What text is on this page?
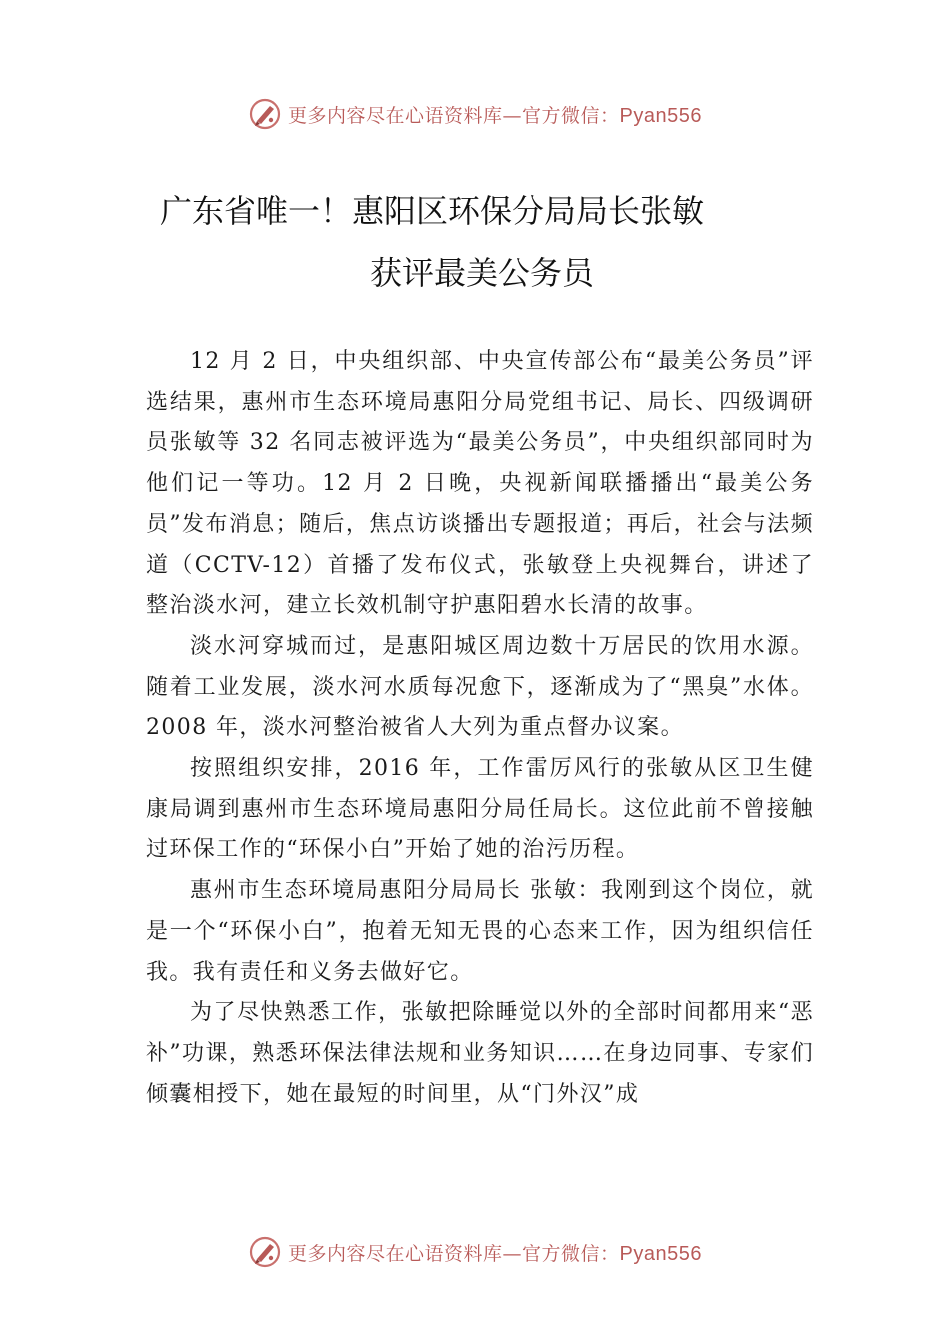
更多内容尽在心语资料库—官方微信：Pyan556
广东省唯一！惠阳区环保分局局长张敏
获评最美公务员

12 月 2 日，中央组织部、中央宣传部公布“最美公务员”评选结果，惠州市生态环境局惠阳分局党组书记、局长、四级调研员张敏等 32 名同志被评选为“最美公务员”，中央组织部同时为他们记一等功。12 月 2 日晚，央视新闻联播播出“最美公务员”发布消息；随后，焦点访谈播出专题报道；再后，社会与法频道（CCTV-12）首播了发布仪式，张敏登上央视舞台，讲述了整治淡水河，建立长效机制守护惠阳碧水长清的故事。

淡水河穿城而过，是惠阳城区周边数十万居民的饮用水源。随着工业发展，淡水河水质每况愈下，逐渐成为了“黑臭”水体。2008 年，淡水河整治被省人大列为重点督办议案。

按照组织安排，2016 年，工作雷厉风行的张敏从区卫生健康局调到惠州市生态环境局惠阳分局任局长。这位此前不曾接触过环保工作的“环保小白”开始了她的治污历程。

惠州市生态环境局惠阳分局局长 张敏：我刚到这个岗位，就是一个“环保小白”，抱着无知无畏的心态来工作，因为组织信任我。我有责任和义务去做好它。

为了尽快熟悉工作，张敏把除睡觉以外的全部时间都用来“恶补”功课，熟悉环保法律法规和业务知识……在身边同事、专家们倾囊相授下，她在最短的时间里，从“门外汉”成

更多内容尽在心语资料库—官方微信：Pyan556
